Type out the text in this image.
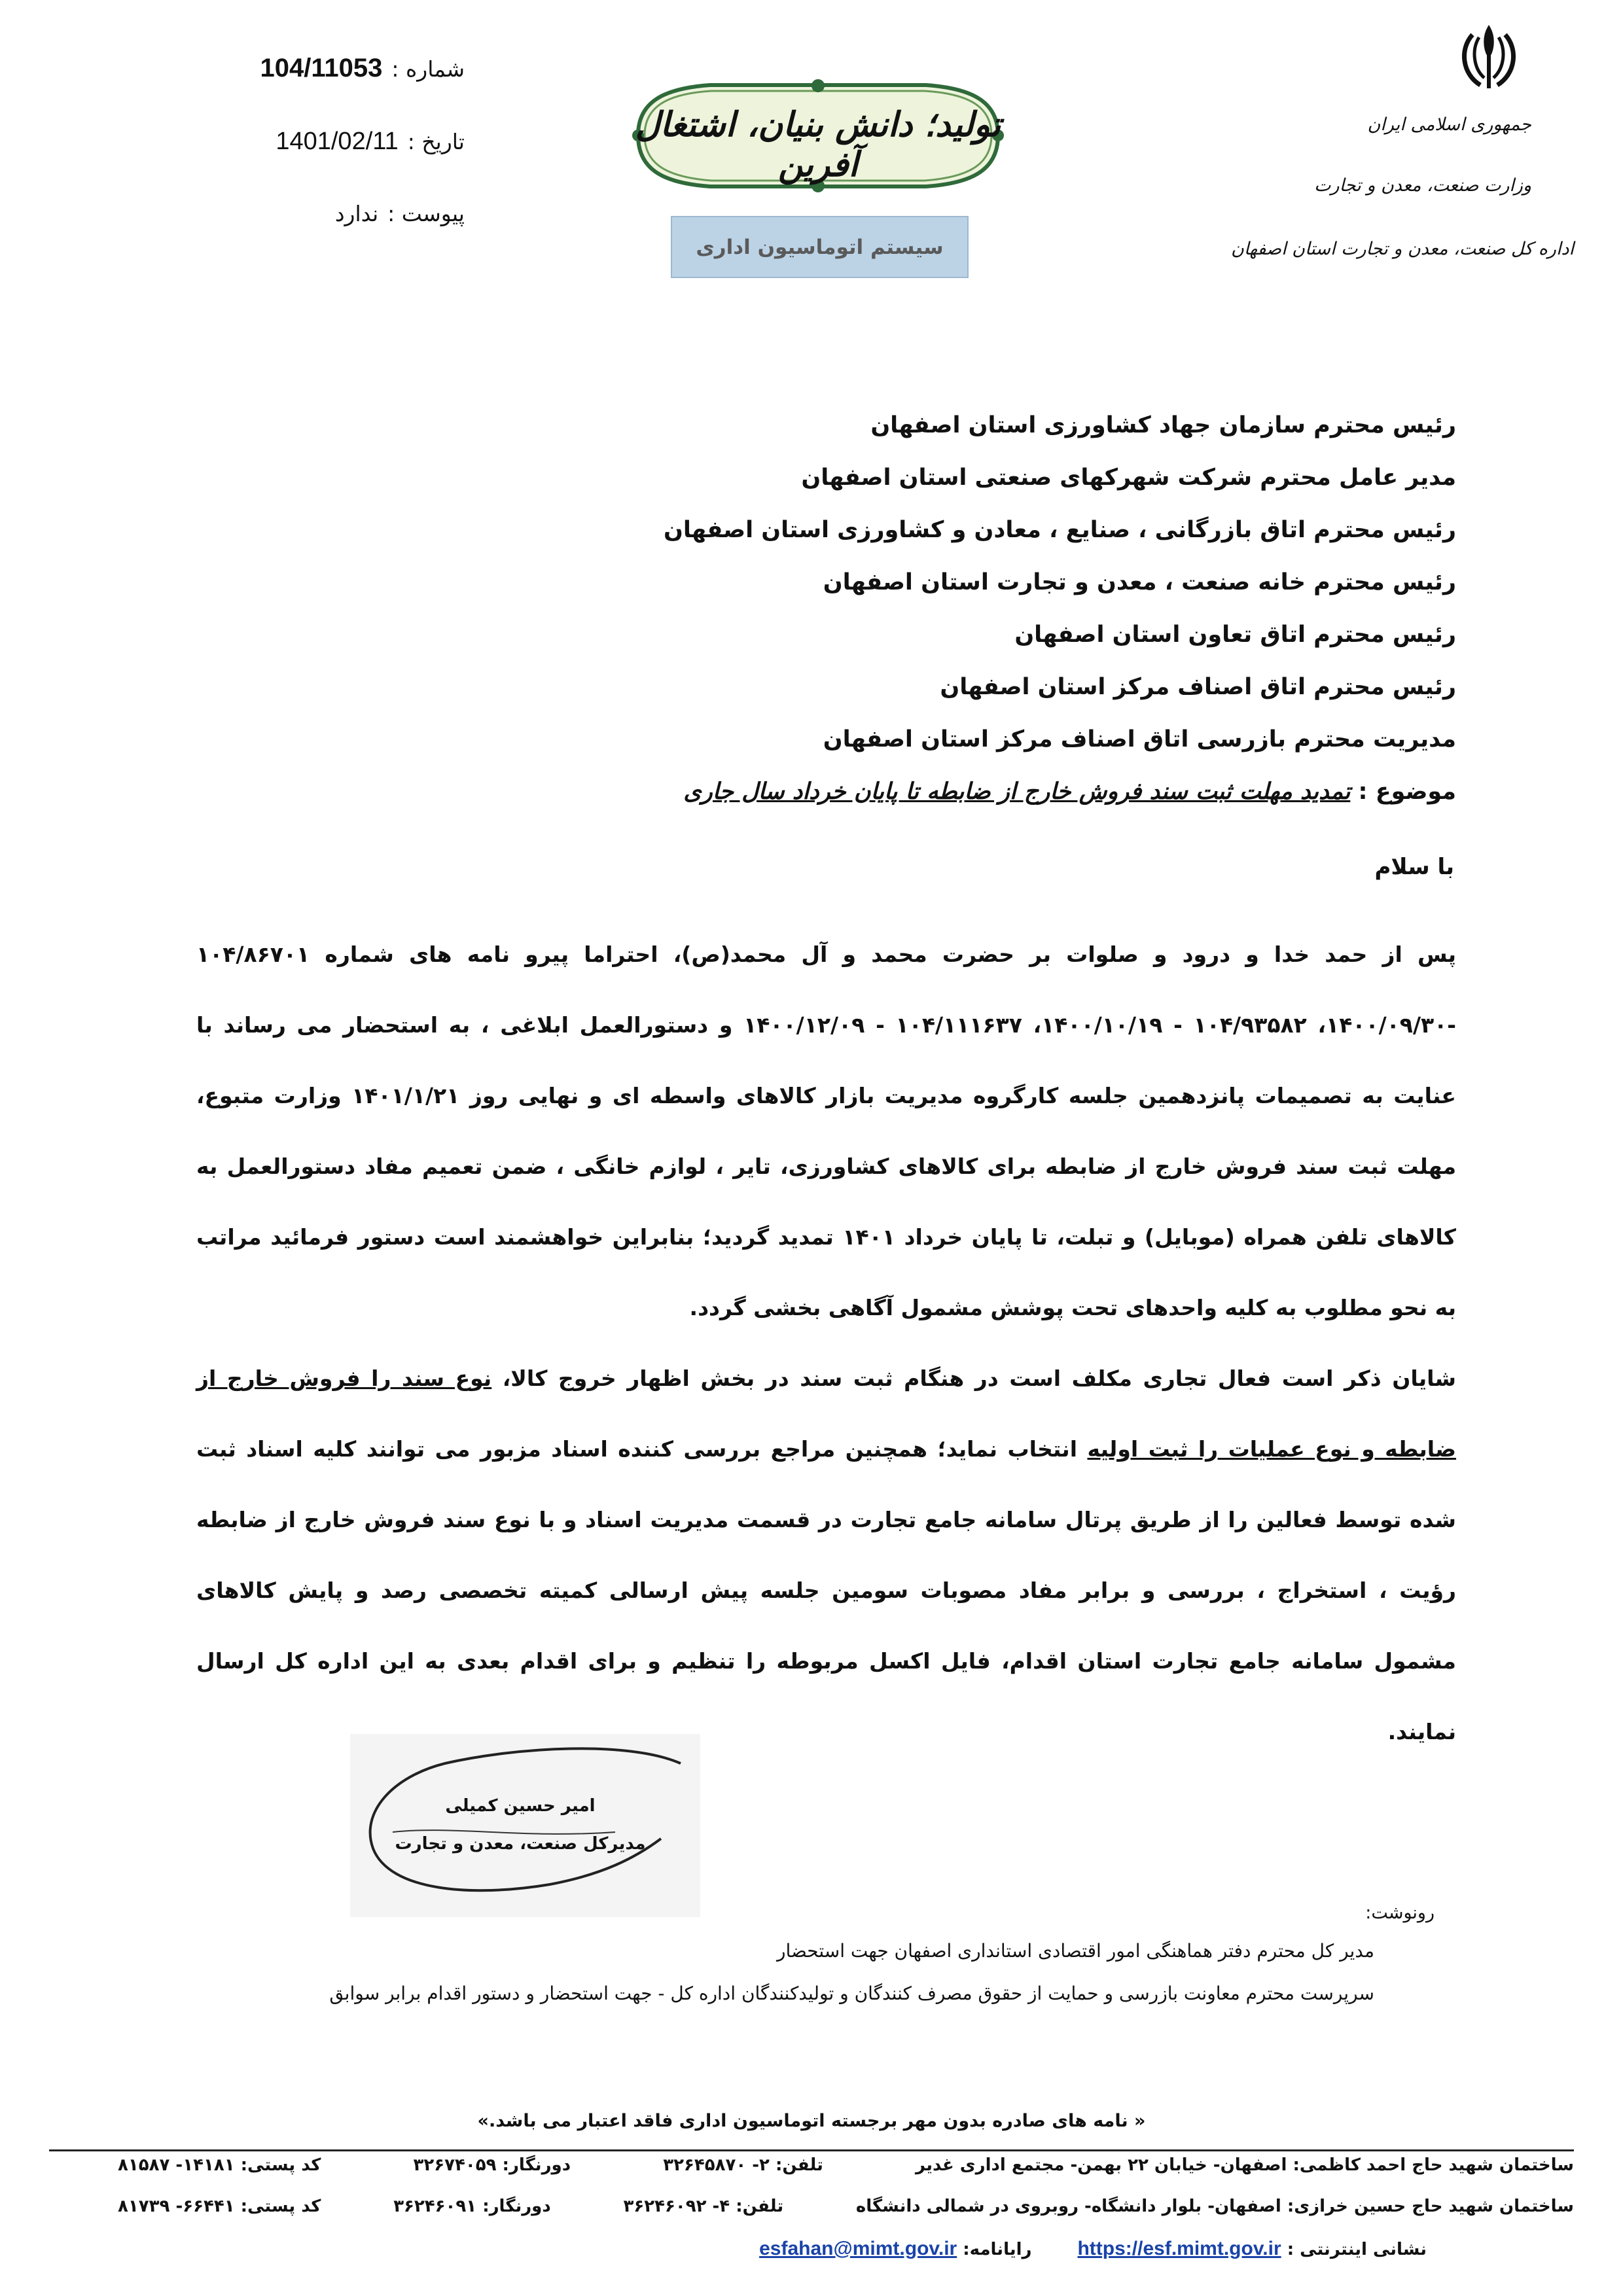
جمهوری اسلامی ایران
وزارت صنعت، معدن و تجارت
اداره کل صنعت، معدن و تجارت استان اصفهان
تولید؛ دانش بنیان، اشتغال آفرین
سیستم اتوماسیون اداری
شماره :
104/11053
تاریخ :
1401/02/11
پیوست :
ندارد
رئیس محترم سازمان جهاد کشاورزی استان اصفهان
مدیر عامل محترم شرکت شهرکهای صنعتی استان اصفهان
رئیس محترم اتاق بازرگانی ، صنایع ، معادن و کشاورزی استان اصفهان
رئیس محترم خانه صنعت ، معدن و تجارت استان اصفهان
رئیس محترم اتاق تعاون استان اصفهان
رئیس محترم اتاق اصناف مرکز استان اصفهان
مدیریت محترم بازرسی اتاق اصناف مرکز استان اصفهان
موضوع : تمدید مهلت ثبت سند فروش خارج از ضابطه تا پایان خرداد سال جاری
با سلام

پس از حمد خدا و درود و صلوات بر حضرت محمد و آل محمد(ص)، احتراما پیرو نامه های شماره ۱۰۴/۸۶۷۰۱ -۱۴۰۰/۰۹/۳۰، ۱۰۴/۹۳۵۸۲ - ۱۴۰۰/۱۰/۱۹، ۱۰۴/۱۱۱۶۳۷ - ۱۴۰۰/۱۲/۰۹ و دستورالعمل ابلاغی ، به استحضار می رساند با عنایت به تصمیمات پانزدهمین جلسه کارگروه مدیریت بازار کالاهای واسطه ای و نهایی روز ۱۴۰۱/۱/۲۱ وزارت متبوع، مهلت ثبت سند فروش خارج از ضابطه برای کالاهای کشاورزی، تایر ، لوازم خانگی ، ضمن تعمیم مفاد دستورالعمل به کالاهای تلفن همراه (موبایل) و تبلت، تا پایان خرداد ۱۴۰۱ تمدید گردید؛ بنابراین خواهشمند است دستور فرمائید مراتب به نحو مطلوب به کلیه واحدهای تحت پوشش مشمول آگاهی بخشی گردد.

شایان ذکر است فعال تجاری مکلف است در هنگام ثبت سند در بخش اظهار خروج کالا، نوع سند را فروش خارج از ضابطه و نوع عملیات را ثبت اولیه انتخاب نماید؛ همچنین مراجع بررسی کننده اسناد مزبور می توانند کلیه اسناد ثبت شده توسط فعالین را از طریق پرتال سامانه جامع تجارت در قسمت مدیریت اسناد و با نوع سند فروش خارج از ضابطه رؤیت ، استخراج ، بررسی و برابر مفاد مصوبات سومین جلسه پیش ارسالی کمیته تخصصی رصد و پایش کالاهای مشمول سامانه جامع تجارت استان اقدام، فایل اکسل مربوطه را تنظیم و برای اقدام بعدی به این اداره کل ارسال نمایند.

امیر حسین کمیلی
مدیرکل صنعت، معدن و تجارت
رونوشت:
مدیر کل محترم دفتر هماهنگی امور اقتصادی استانداری اصفهان جهت استحضار
سرپرست محترم معاونت بازرسی و حمایت از حقوق مصرف کنندگان و تولیدکنندگان اداره کل - جهت استحضار و دستور اقدام برابر سوابق
« نامه های صادره بدون مهر برجسته اتوماسیون اداری فاقد اعتبار می باشد.»
ساختمان شهید حاج احمد کاظمی: اصفهان- خیابان ۲۲ بهمن- مجتمع اداری غدیر
تلفن: ۲- ۳۲۶۴۵۸۷۰
دورنگار: ۳۲۶۷۴۰۵۹
کد پستی: ۱۴۱۸۱- ۸۱۵۸۷
ساختمان شهید حاج حسین خرازی: اصفهان- بلوار دانشگاه- روبروی در شمالی دانشگاه
تلفن: ۴- ۳۶۲۴۶۰۹۲
دورنگار: ۳۶۲۴۶۰۹۱
کد پستی: ۶۶۴۴۱- ۸۱۷۳۹
نشانی اینترنتی : https://esf.mimt.gov.ir
رایانامه: esfahan@mimt.gov.ir
